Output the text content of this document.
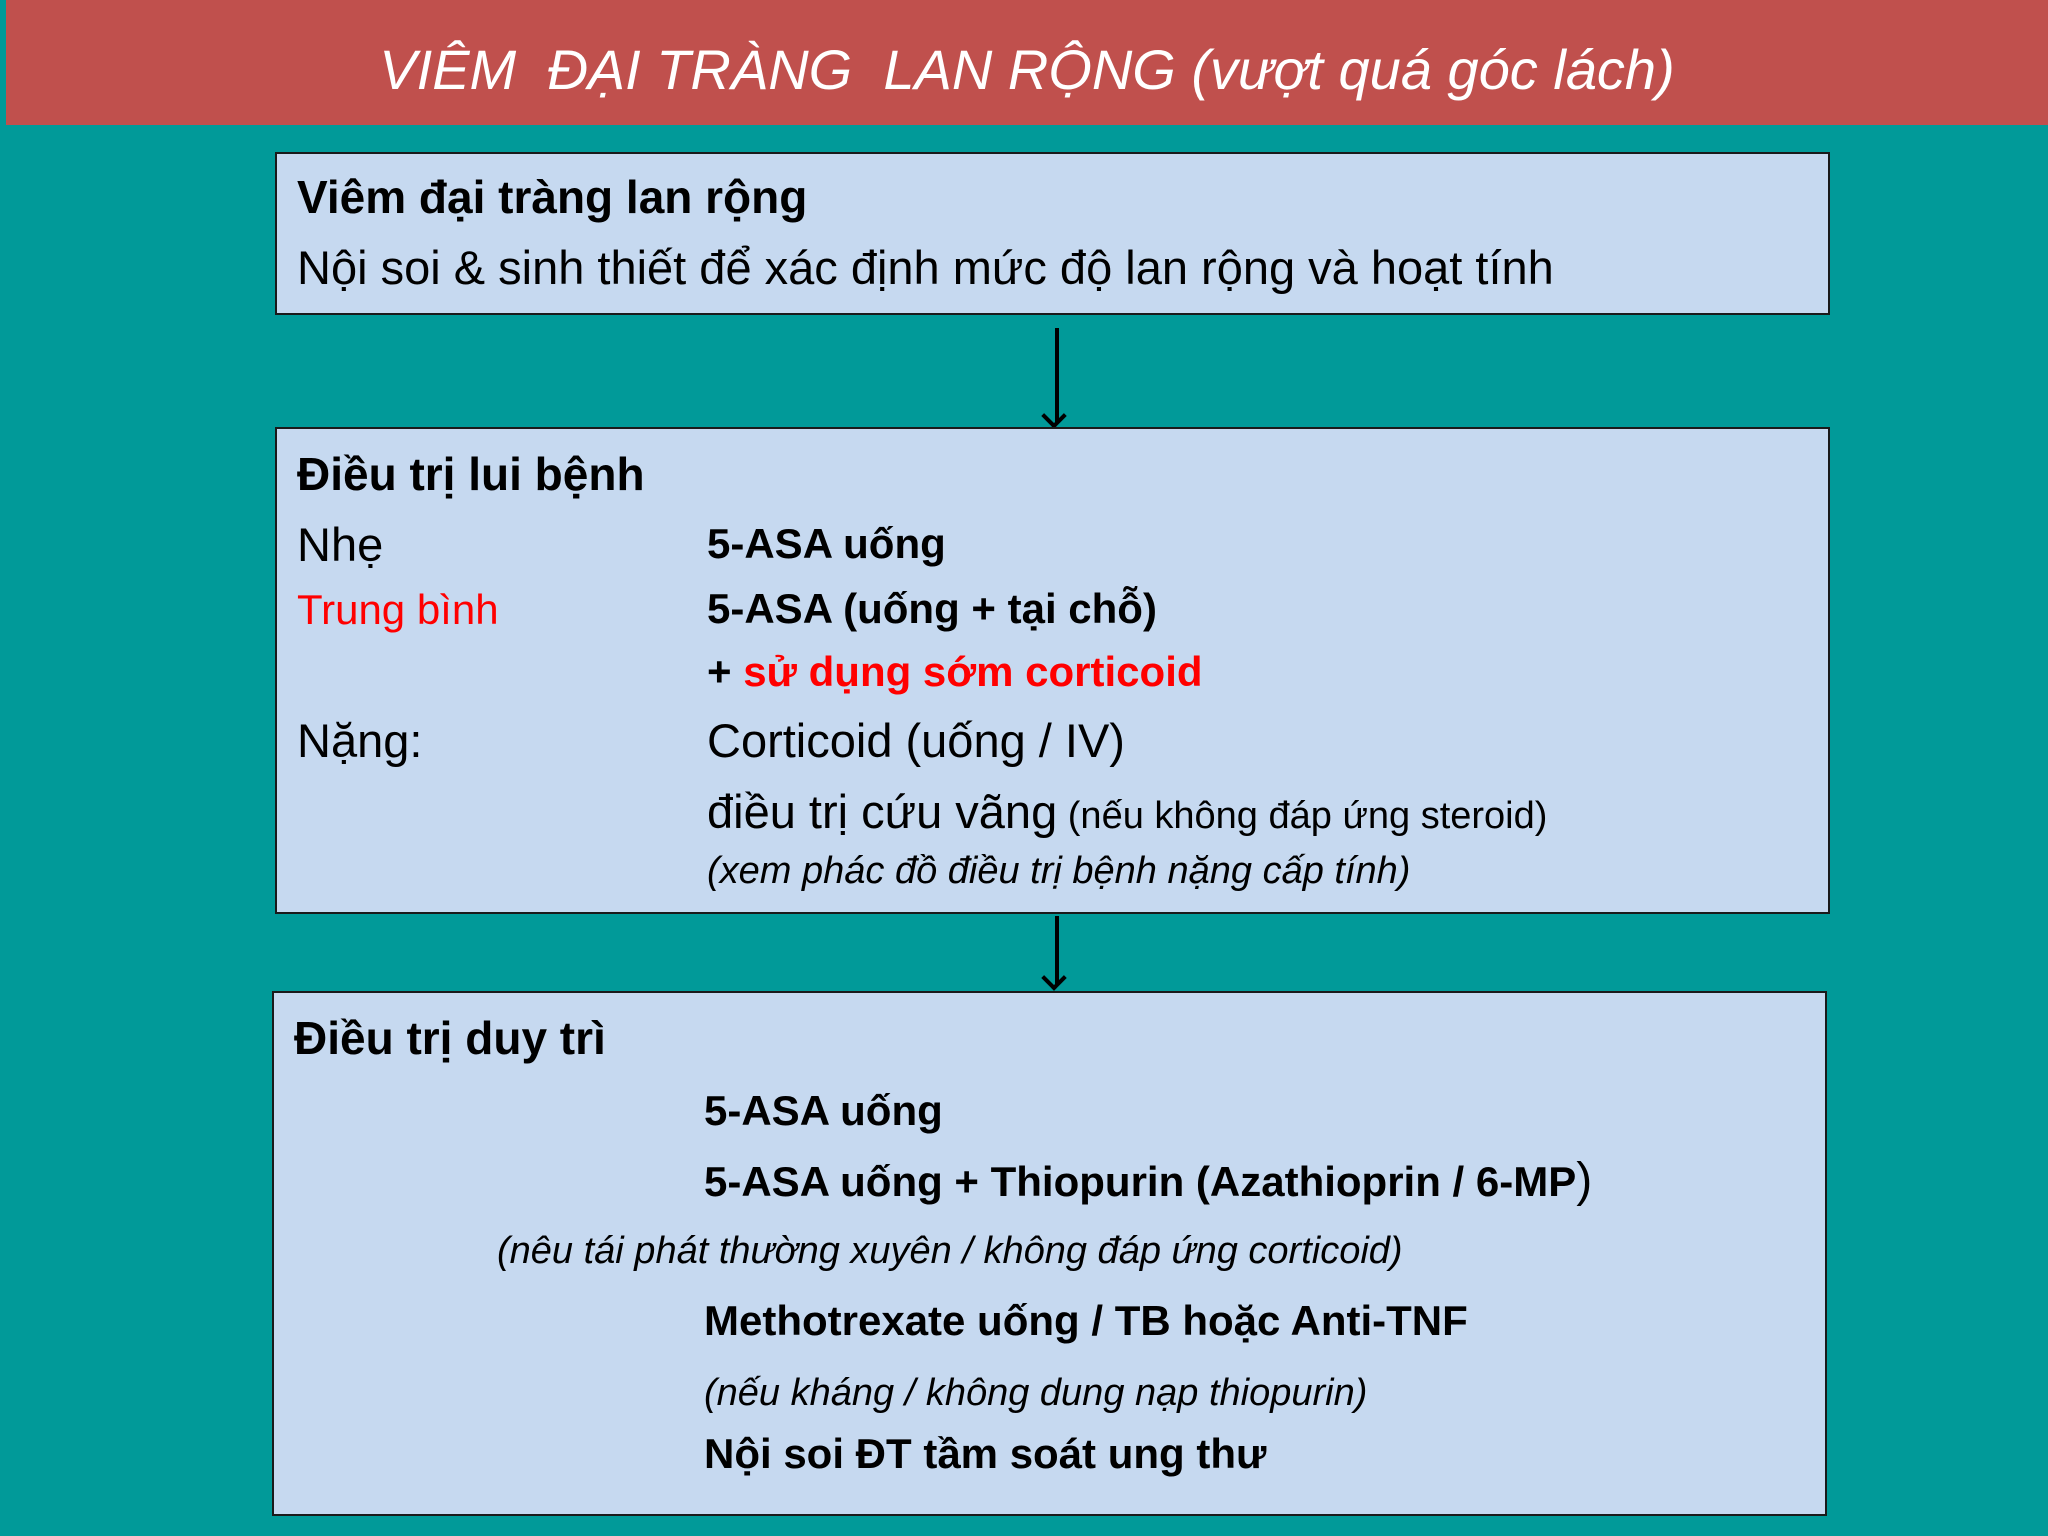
VIÊM  ĐẠI TRÀNG  LAN RỘNG (vượt quá góc lách)
Viêm đại tràng lan rộng
Nội soi & sinh thiết để xác định mức độ lan rộng và hoạt tính
Điều trị lui bệnh
Nhẹ	5-ASA uống
Trung bình	5-ASA (uống + tại chỗ)
+ sử dụng sớm corticoid
Nặng:	Corticoid (uống / IV)
điều trị cứu vãng (nếu không đáp ứng steroid)
(xem phác đồ điều trị bệnh nặng cấp tính)
Điều trị duy trì
5-ASA uống
5-ASA uống + Thiopurin (Azathioprin / 6-MP)
(nêu tái phát thường xuyên / không đáp ứng corticoid)
Methotrexate uống / TB hoặc Anti-TNF
(nếu kháng / không dung nạp thiopurin)
Nội soi ĐT tầm soát ung thư
